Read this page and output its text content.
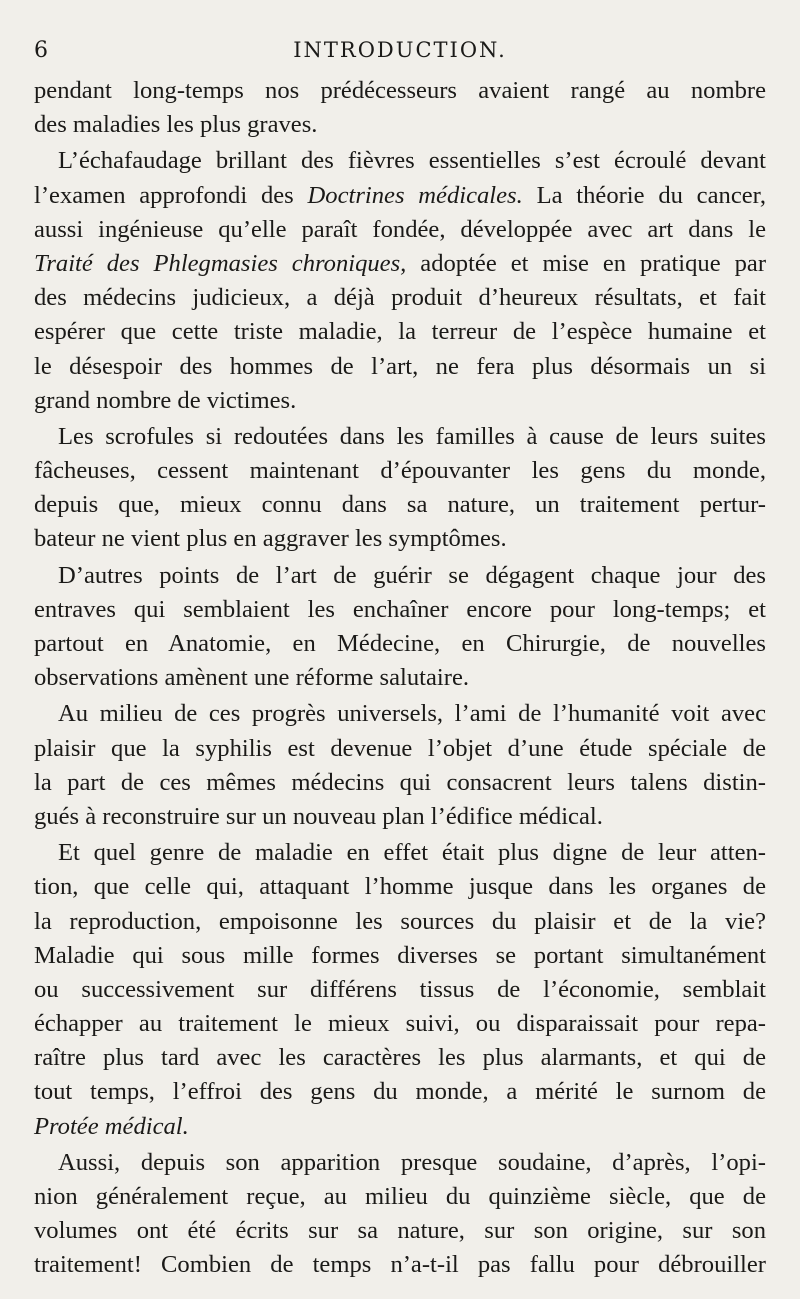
6	INTRODUCTION.
pendant long-temps nos prédécesseurs avaient rangé au nombre
des maladies les plus graves.
L’échafaudage brillant des fièvres essentielles s’est écroulé devant
l’examen approfondi des Doctrines médicales. La théorie du cancer,
aussi ingénieuse qu’elle paraît fondée, développée avec art dans le
Traité des Phlegmasies chroniques, adoptée et mise en pratique par
des médecins judicieux, a déjà produit d’heureux résultats, et fait
espérer que cette triste maladie, la terreur de l’espèce humaine et
le désespoir des hommes de l’art, ne fera plus désormais un si
grand nombre de victimes.
Les scrofules si redoutées dans les familles à cause de leurs suites
fâcheuses, cessent maintenant d’épouvanter les gens du monde,
depuis que, mieux connu dans sa nature, un traitement pertur-
bateur ne vient plus en aggraver les symptômes.
D’autres points de l’art de guérir se dégagent chaque jour des
entraves qui semblaient les enchaîner encore pour long-temps; et
partout en Anatomie, en Médecine, en Chirurgie, de nouvelles
observations amènent une réforme salutaire.
Au milieu de ces progrès universels, l’ami de l’humanité voit avec
plaisir que la syphilis est devenue l’objet d’une étude spéciale de
la part de ces mêmes médecins qui consacrent leurs talens distin-
gués à reconstruire sur un nouveau plan l’édifice médical.
Et quel genre de maladie en effet était plus digne de leur atten-
tion, que celle qui, attaquant l’homme jusque dans les organes de
la reproduction, empoisonne les sources du plaisir et de la vie?
Maladie qui sous mille formes diverses se portant simultanément
ou successivement sur différens tissus de l’économie, semblait
échapper au traitement le mieux suivi, ou disparaissait pour repa-
raître plus tard avec les caractères les plus alarmants, et qui de
tout temps, l’effroi des gens du monde, a mérité le surnom de
Protée médical.
Aussi, depuis son apparition presque soudaine, d’après, l’opi-
nion généralement reçue, au milieu du quinzième siècle, que de
volumes ont été écrits sur sa nature, sur son origine, sur son
traitement! Combien de temps n’a-t-il pas fallu pour débrouiller
